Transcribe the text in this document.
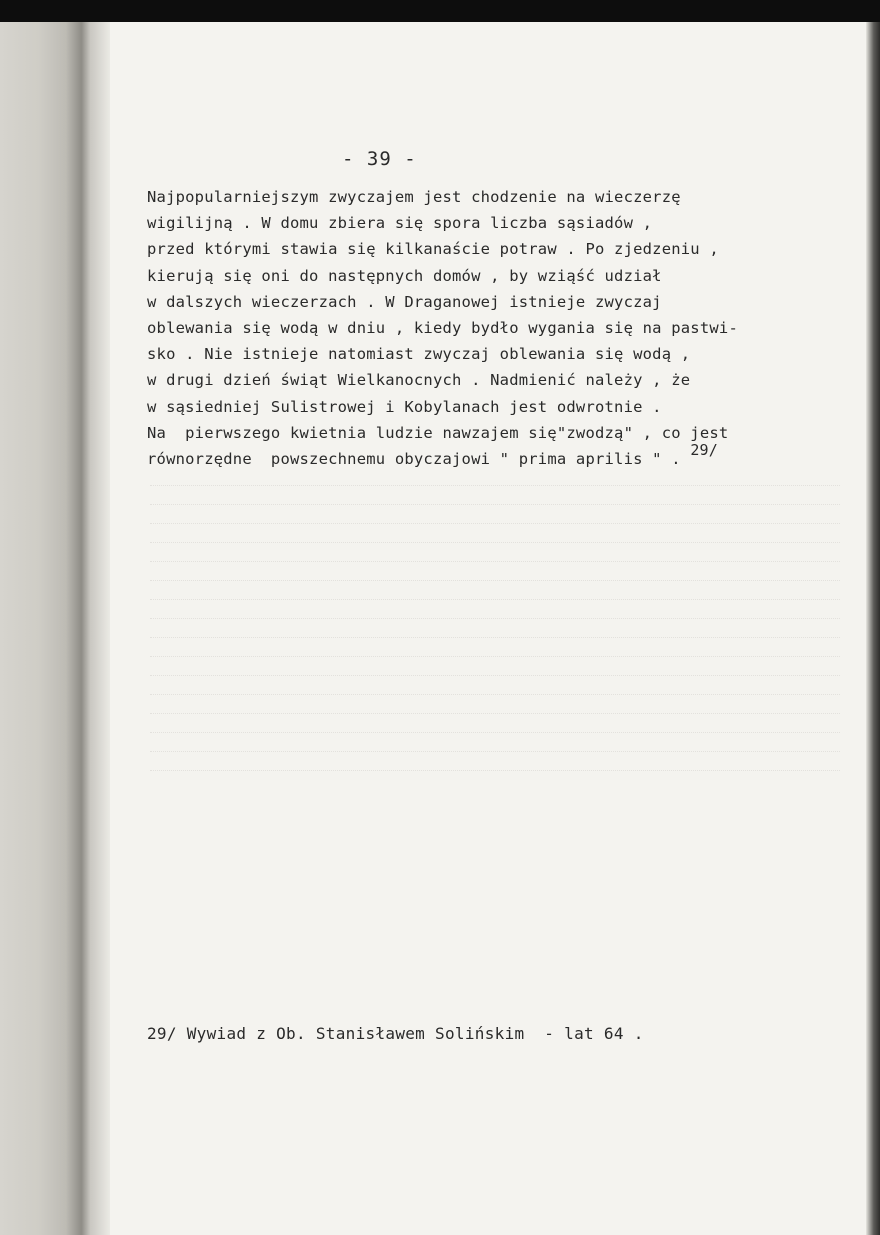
- 39 -
Najpopularniejszym zwyczajem jest chodzenie na wieczerzę
wigilijną . W domu zbiera się spora liczba sąsiadów ,
przed którymi stawia się kilkanaście potraw . Po zjedzeniu ,
kierują się oni do następnych domów , by wziąść udział
w dalszych wieczerzach . W Draganowej istnieje zwyczaj
oblewania się wodą w dniu , kiedy bydło wygania się na pastwi-
sko . Nie istnieje natomiast zwyczaj oblewania się wodą ,
w drugi dzień świąt Wielkanocnych . Nadmienić należy , że
w sąsiedniej Sulistrowej i Kobylanach jest odwrotnie .
Na  pierwszego kwietnia ludzie nawzajem się"zwodzą" , co jest
równorzędne  powszechnemu obyczajowi " prima aprilis " . 29/
29/ Wywiad z Ob. Stanisławem Solińskim  - lat 64 .
